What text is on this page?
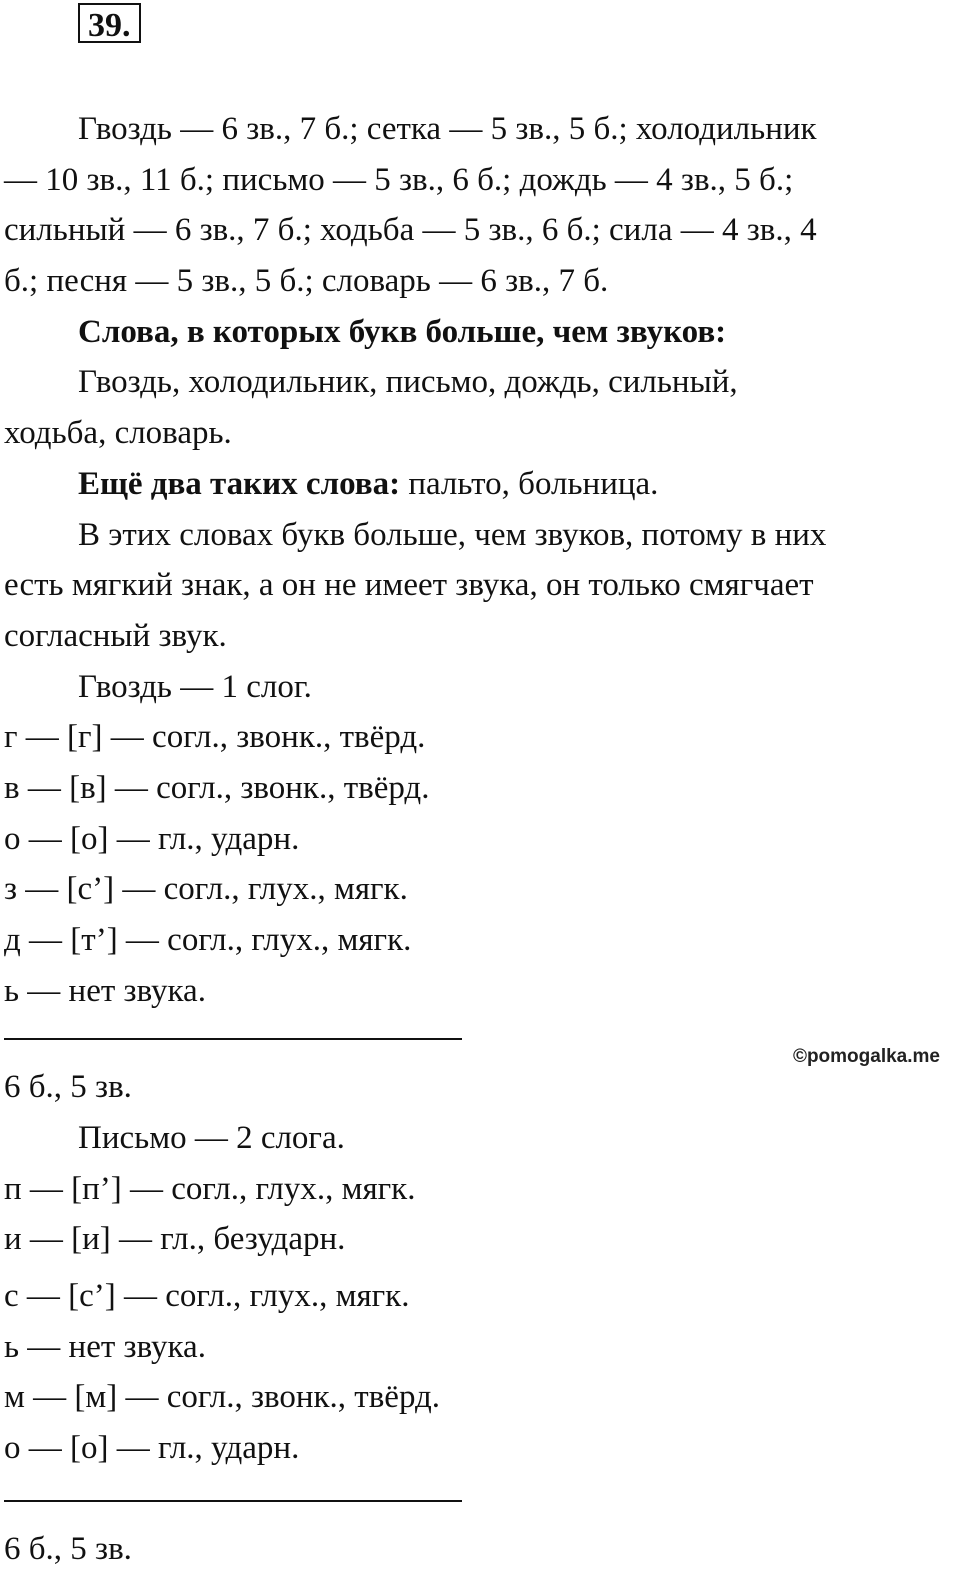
39.
Гвоздь — 6 зв., 7 б.; сетка — 5 зв., 5 б.; холодильник
— 10 зв., 11 б.; письмо — 5 зв., 6 б.; дождь — 4 зв., 5 б.;
сильный — 6 зв., 7 б.; ходьба — 5 зв., 6 б.; сила — 4 зв., 4
б.; песня — 5 зв., 5 б.; словарь — 6 зв., 7 б.
Слова, в которых букв больше, чем звуков:
Гвоздь, холодильник, письмо, дождь, сильный,
ходьба, словарь.
Ещё два таких слова: пальто, больница.
В этих словах букв больше, чем звуков, потому в них
есть мягкий знак, а он не имеет звука, он только смягчает
согласный звук.
Гвоздь — 1 слог.
г — [г] — согл., звонк., твёрд.
в — [в] — согл., звонк., твёрд.
о — [о] — гл., ударн.
з — [с’] — согл., глух., мягк.
д — [т’] — согл., глух., мягк.
ь — нет звука.
©pomogalka.me
6 б., 5 зв.
Письмо — 2 слога.
п — [п’] — согл., глух., мягк.
и — [и] — гл., безударн.
с — [с’] — согл., глух., мягк.
ь — нет звука.
м — [м] — согл., звонк., твёрд.
о — [о] — гл., ударн.
6 б., 5 зв.
